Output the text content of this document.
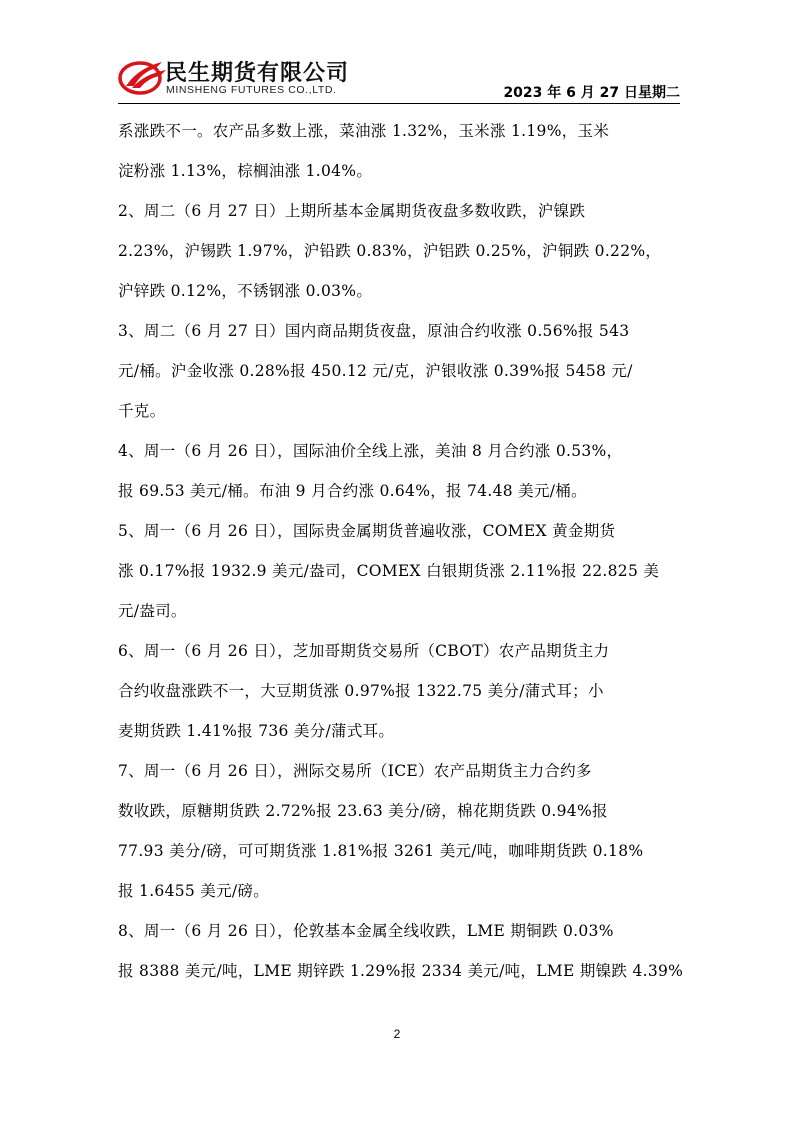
民生期货有限公司
MINSHENG FUTURES CO.,LTD.	2023 年 6 月 27 日星期二
系涨跌不一。农产品多数上涨，菜油涨 1.32%，玉米涨 1.19%，玉米
淀粉涨 1.13%，棕榈油涨 1.04%。
2、周二（6 月 27 日）上期所基本金属期货夜盘多数收跌，沪镍跌
2.23%，沪锡跌 1.97%，沪铅跌 0.83%，沪铝跌 0.25%，沪铜跌 0.22%，
沪锌跌 0.12%，不锈钢涨 0.03%。
3、周二（6 月 27 日）国内商品期货夜盘，原油合约收涨 0.56%报 543
元/桶。沪金收涨 0.28%报 450.12 元/克，沪银收涨 0.39%报 5458 元/
千克。
4、周一（6 月 26 日），国际油价全线上涨，美油 8 月合约涨 0.53%，
报 69.53 美元/桶。布油 9 月合约涨 0.64%，报 74.48 美元/桶。
5、周一（6 月 26 日），国际贵金属期货普遍收涨，COMEX 黄金期货
涨 0.17%报 1932.9 美元/盎司，COMEX 白银期货涨 2.11%报 22.825 美
元/盎司。
6、周一（6 月 26 日），芝加哥期货交易所（CBOT）农产品期货主力
合约收盘涨跌不一，大豆期货涨 0.97%报 1322.75 美分/蒲式耳；小
麦期货跌 1.41%报 736 美分/蒲式耳。
7、周一（6 月 26 日），洲际交易所（ICE）农产品期货主力合约多
数收跌，原糖期货跌 2.72%报 23.63 美分/磅，棉花期货跌 0.94%报
77.93 美分/磅，可可期货涨 1.81%报 3261 美元/吨，咖啡期货跌 0.18%
报 1.6455 美元/磅。
8、周一（6 月 26 日），伦敦基本金属全线收跌，LME 期铜跌 0.03%
报 8388 美元/吨，LME 期锌跌 1.29%报 2334 美元/吨，LME 期镍跌 4.39%
2
